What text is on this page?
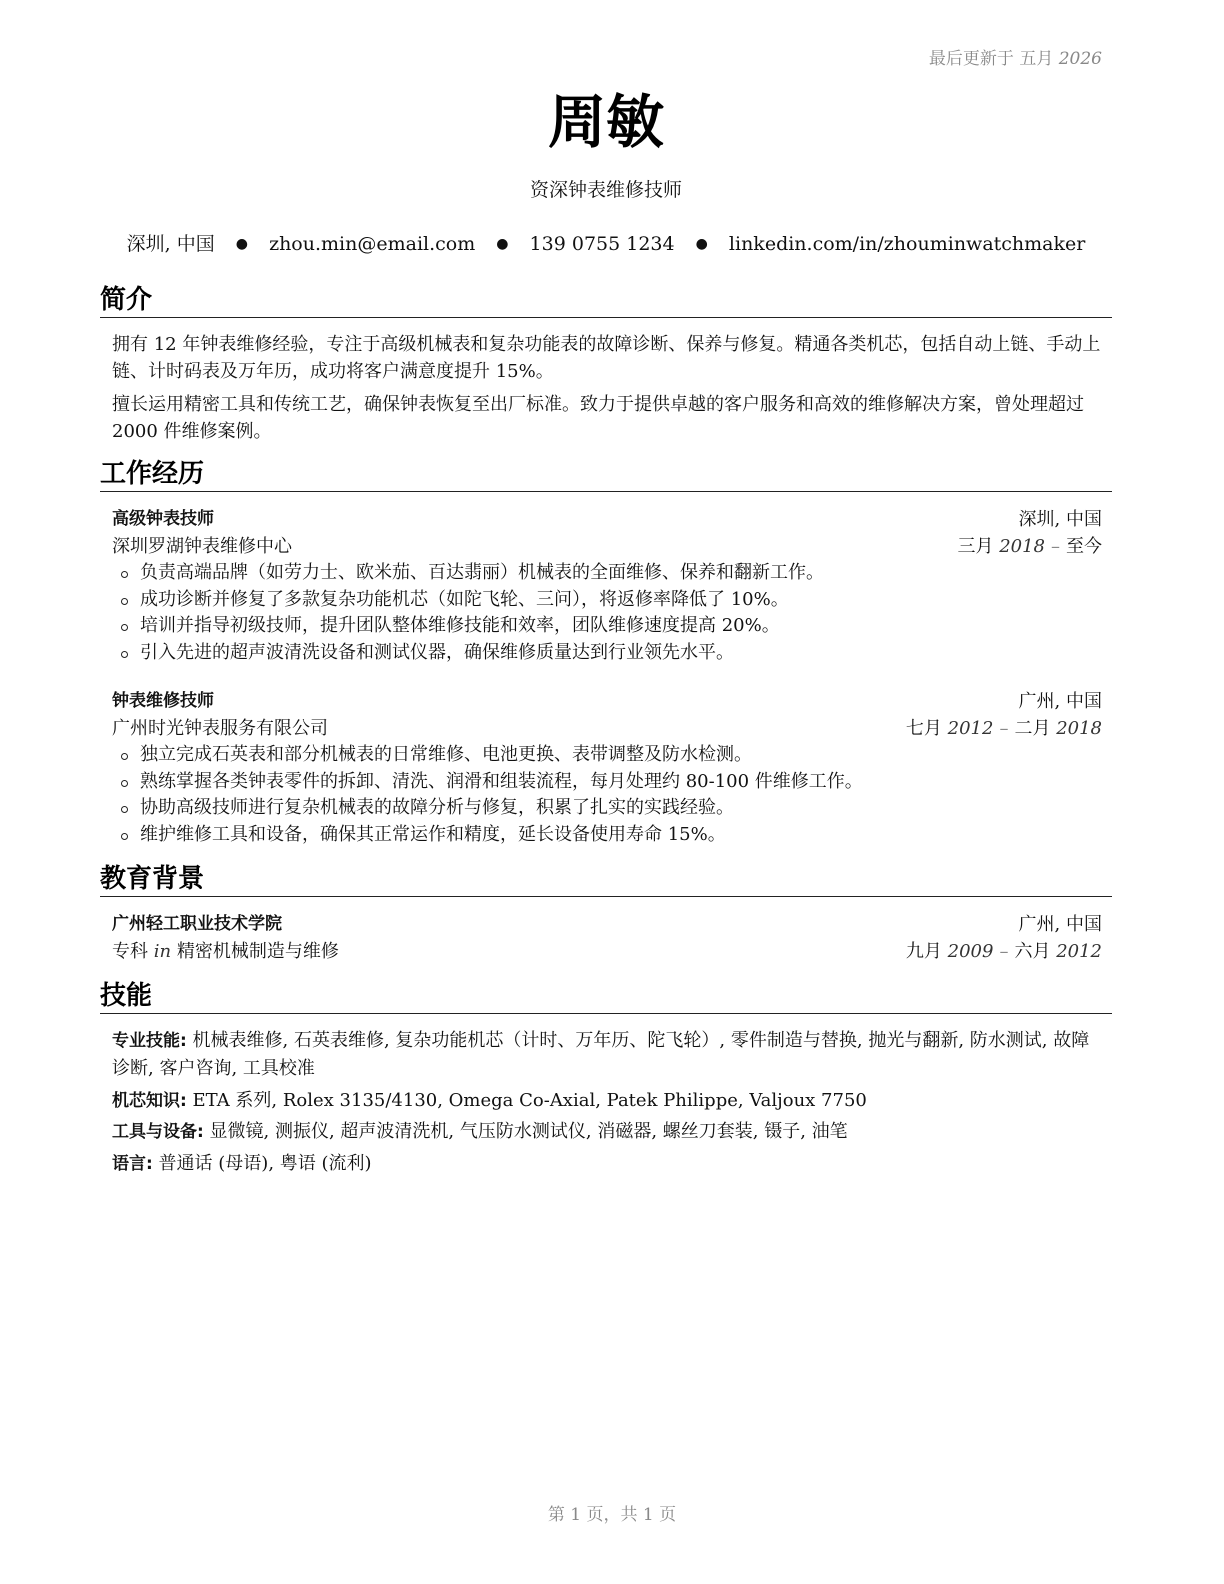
最后更新于 五月 2026
周敏
资深钟表维修技师
深圳, 中国 ● zhou.min@email.com ● 139 0755 1234 ● linkedin.com/in/zhouminwatchmaker
简介

拥有 12 年钟表维修经验，专注于高级机械表和复杂功能表的故障诊断、保养与修复。精通各类机芯，包括自动上链、手动上链、计时码表及万年历，成功将客户满意度提升 15%。

擅长运用精密工具和传统工艺，确保钟表恢复至出厂标准。致力于提供卓越的客户服务和高效的维修解决方案，曾处理超过 2000 件维修案例。

工作经历
高级钟表技师	深圳, 中国
深圳罗湖钟表维修中心	三月 2018 – 至今
负责高端品牌（如劳力士、欧米茄、百达翡丽）机械表的全面维修、保养和翻新工作。
成功诊断并修复了多款复杂功能机芯（如陀飞轮、三问），将返修率降低了 10%。
培训并指导初级技师，提升团队整体维修技能和效率，团队维修速度提高 20%。
引入先进的超声波清洗设备和测试仪器，确保维修质量达到行业领先水平。
钟表维修技师	广州, 中国
广州时光钟表服务有限公司	七月 2012 – 二月 2018
独立完成石英表和部分机械表的日常维修、电池更换、表带调整及防水检测。
熟练掌握各类钟表零件的拆卸、清洗、润滑和组装流程，每月处理约 80-100 件维修工作。
协助高级技师进行复杂机械表的故障分析与修复，积累了扎实的实践经验。
维护维修工具和设备，确保其正常运作和精度，延长设备使用寿命 15%。
教育背景
广州轻工职业技术学院	广州, 中国
专科 in 精密机械制造与维修	九月 2009 – 六月 2012
技能
专业技能: 机械表维修, 石英表维修, 复杂功能机芯（计时、万年历、陀飞轮）, 零件制造与替换, 抛光与翻新, 防水测试, 故障诊断, 客户咨询, 工具校准
机芯知识: ETA 系列, Rolex 3135/4130, Omega Co-Axial, Patek Philippe, Valjoux 7750
工具与设备: 显微镜, 测振仪, 超声波清洗机, 气压防水测试仪, 消磁器, 螺丝刀套装, 镊子, 油笔
语言: 普通话 (母语), 粤语 (流利)
第 1 页，共 1 页
